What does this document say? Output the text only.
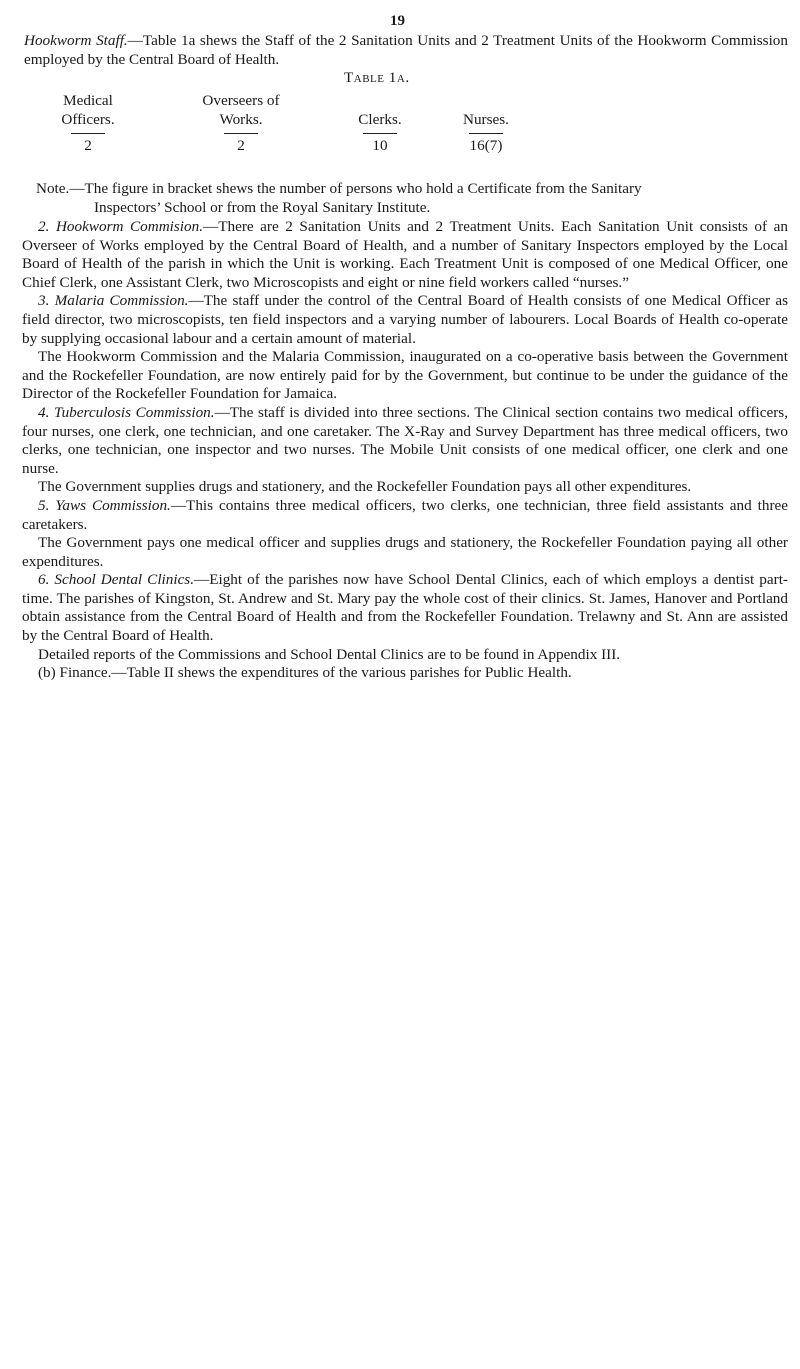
19
Hookworm Staff.—Table 1a shews the Staff of the 2 Sanitation Units and 2 Treatment Units of the Hookworm Commission employed by the Central Board of Health.
Table 1a.
Medical
Officers.
2
Overseers of
Works.
2

Clerks.
10

Nurses.
16(7)
Note.—The figure in bracket shews the number of persons who hold a Certificate from the Sanitary
Inspectors’ School or from the Royal Sanitary Institute.

2. Hookworm Commision.—There are 2 Sanitation Units and 2 Treatment Units. Each Sanitation Unit consists of an Overseer of Works employed by the Central Board of Health, and a number of Sanitary Inspectors employed by the Local Board of Health of the parish in which the Unit is working. Each Treatment Unit is composed of one Medical Officer, one Chief Clerk, one Assistant Clerk, two Microscopists and eight or nine field workers called “nurses.”

3. Malaria Commission.—The staff under the control of the Central Board of Health consists of one Medical Officer as field director, two microscopists, ten field inspectors and a varying number of labourers. Local Boards of Health co-operate by supplying occasional labour and a certain amount of material.

The Hookworm Commission and the Malaria Commission, inaugurated on a co-operative basis between the Government and the Rockefeller Foundation, are now entirely paid for by the Government, but continue to be under the guidance of the Director of the Rockefeller Foundation for Jamaica.

4. Tuberculosis Commission.—The staff is divided into three sections. The Clinical section contains two medical officers, four nurses, one clerk, one technician, and one caretaker. The X-Ray and Survey Department has three medical officers, two clerks, one technician, one inspector and two nurses. The Mobile Unit consists of one medical officer, one clerk and one nurse.

The Government supplies drugs and stationery, and the Rockefeller Foundation pays all other expenditures.

5. Yaws Commission.—This contains three medical officers, two clerks, one technician, three field assistants and three caretakers.

The Government pays one medical officer and supplies drugs and stationery, the Rockefeller Foundation paying all other expenditures.

6. School Dental Clinics.—Eight of the parishes now have School Dental Clinics, each of which employs a dentist part-time. The parishes of Kingston, St. Andrew and St. Mary pay the whole cost of their clinics. St. James, Hanover and Portland obtain assistance from the Central Board of Health and from the Rockefeller Foundation. Trelawny and St. Ann are assisted by the Central Board of Health.

Detailed reports of the Commissions and School Dental Clinics are to be found in Appendix III.

(b) Finance.—Table II shews the expenditures of the various parishes for Public Health.
